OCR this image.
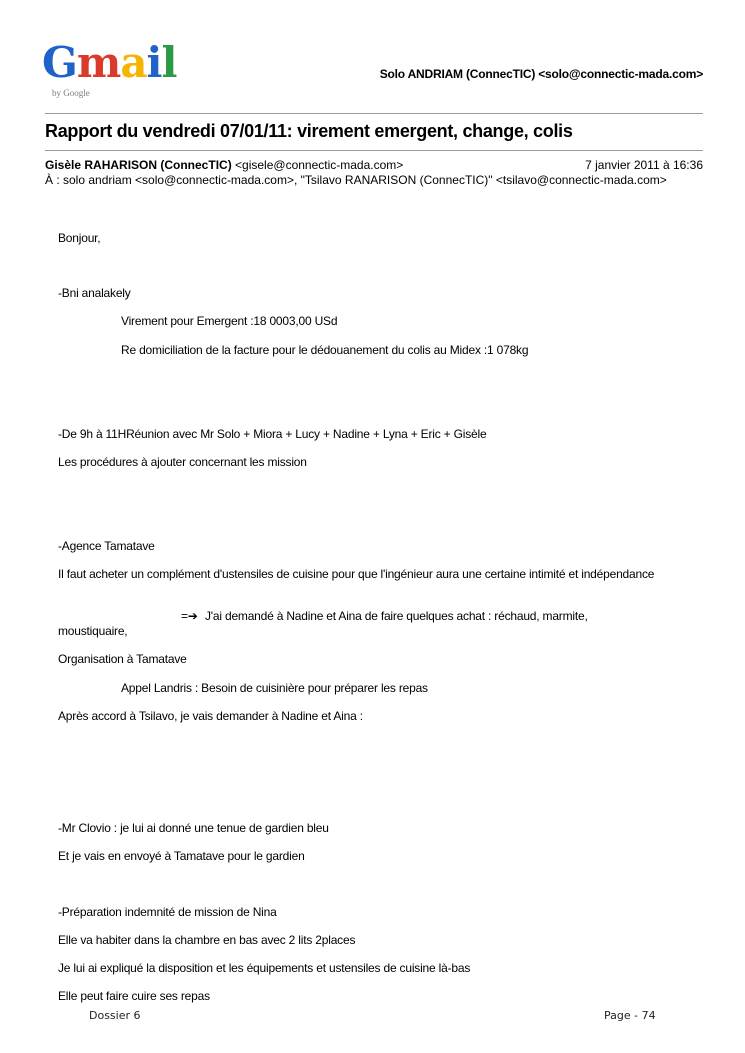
Gmail
by Google
Solo ANDRIAM (ConnecTIC) <solo@connectic-mada.com>
Rapport du vendredi 07/01/11: virement emergent, change, colis
Gisèle RAHARISON (ConnecTIC) <gisele@connectic-mada.com>	7 janvier 2011 à 16:36
À : solo andriam <solo@connectic-mada.com>, "Tsilavo RANARISON (ConnecTIC)" <tsilavo@connectic-mada.com>
Bonjour,
-Bni analakely
Virement pour Emergent :18 0003,00 USd
Re domiciliation de la facture pour le dédouanement du colis au Midex :1 078kg
-De 9h à 11HRéunion avec Mr Solo + Miora + Lucy + Nadine + Lyna + Eric + Gisèle
Les procédures à ajouter concernant les mission
-Agence Tamatave
Il faut acheter un complément d'ustensiles de cuisine pour que l'ingénieur aura une certaine intimité et indépendance
=➔ J'ai demandé à Nadine et Aina de faire quelques achat : réchaud, marmite,
moustiquaire,
Organisation à Tamatave
Appel Landris : Besoin de cuisinière pour préparer les repas
Après accord à Tsilavo, je vais demander à Nadine et Aina :
-Mr Clovio : je lui ai donné une tenue de gardien bleu
Et je vais en envoyé à Tamatave pour le gardien
-Préparation indemnité de mission de Nina
Elle va habiter dans la chambre en bas avec 2 lits 2places
Je lui ai expliqué la disposition et les équipements et ustensiles de cuisine là-bas
Elle peut faire cuire ses repas
Dossier 6	Page - 74
